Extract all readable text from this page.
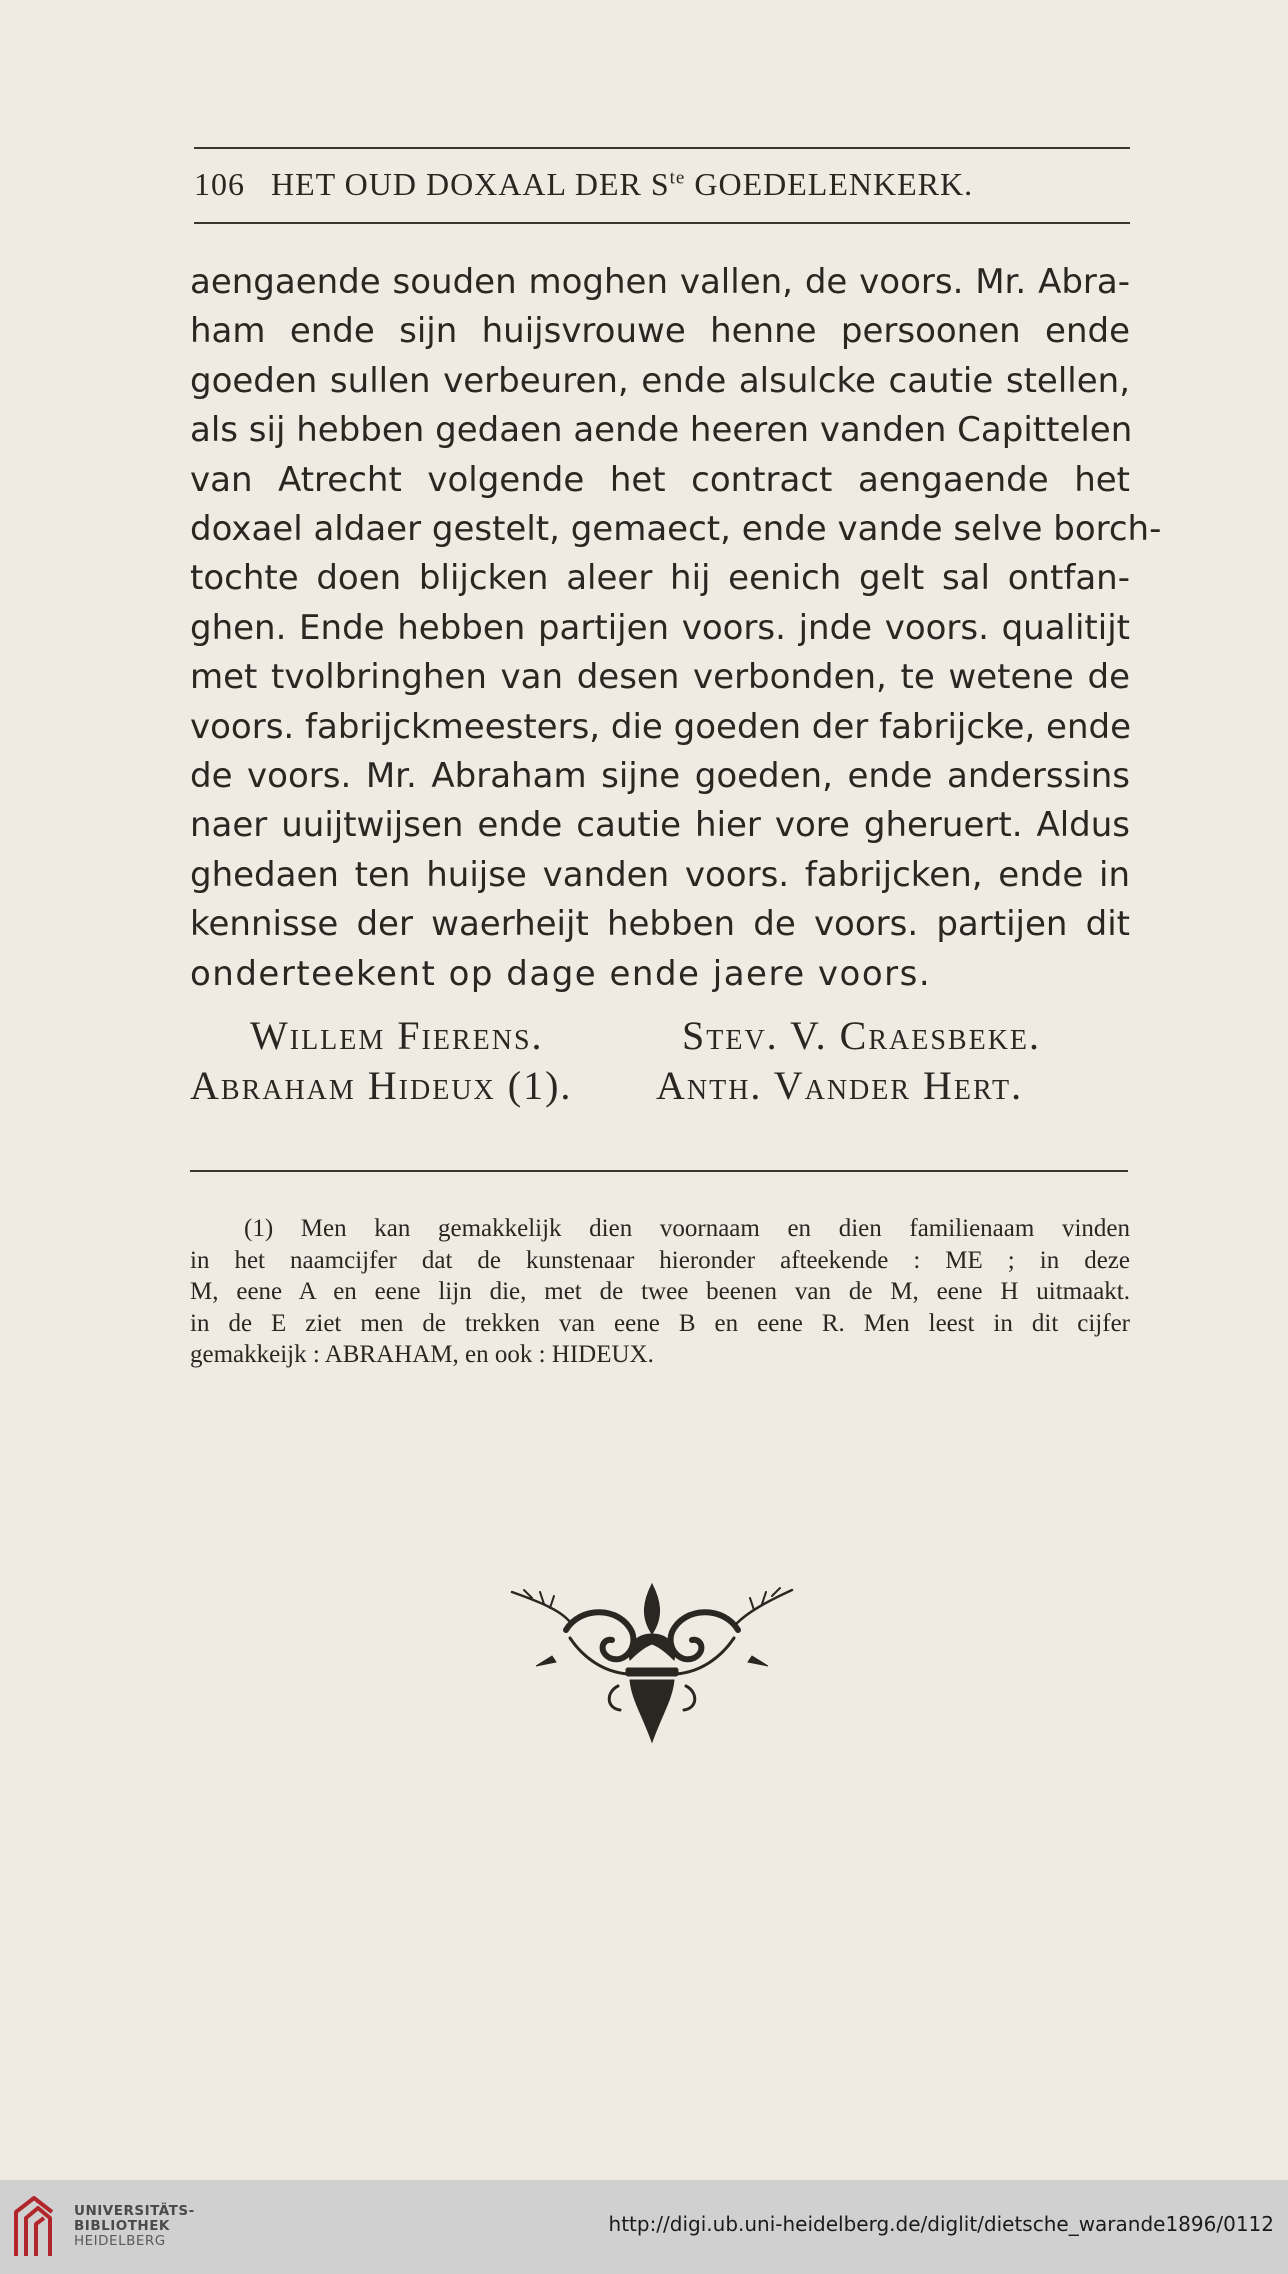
106 HET OUD DOXAAL DER $S^{te}$ GOEDELENKERK.
aengaende souden moghen vallen, de voors. Mr. Abra-
ham ende sijn huijsvrouwe henne persoonen ende
goeden sullen verbeuren, ende alsulcke cautie stellen,
als sij hebben gedaen aende heeren vanden Capittelen
van Atrecht volgende het contract aengaende het
doxael aldaer gestelt, gemaect, ende vande selve borch-
tochte doen blijcken aleer hij eenich gelt sal ontfan-
ghen. Ende hebben partijen voors. jnde voors. qualitijt
met tvolbringhen van desen verbonden, te wetene de
voors. fabrijckmeesters, die goeden der fabrijcke, ende
de voors. Mr. Abraham sijne goeden, ende anderssins
naer uuijtwijsen ende cautie hier vore gheruert. Aldus
ghedaen ten huijse vanden voors. fabrijcken, ende in
kennisse der waerheijt hebben de voors. partijen dit
onderteekent op dage ende jaere voors.
Willem Fierens.	Stev. V. Craesbeke.
Abraham Hideux (1). Anth. Vander Hert.
(1) Men kan gemakkelijk dien voornaam en dien familienaam vinden
in het naamcijfer dat de kunstenaar hieronder afteekende : ME ; in deze
M, eene A en eene lijn die, met de twee beenen van de M, eene H uitmaakt.
in de E ziet men de trekken van eene B en eene R. Men leest in dit cijfer
gemakkeijk : ABRAHAM, en ook : HIDEUX.
UNIVERSITÄTS-
BIBLIOTHEK
HEIDELBERG
http://digi.ub.uni-heidelberg.de/diglit/dietsche_warande1896/0112
